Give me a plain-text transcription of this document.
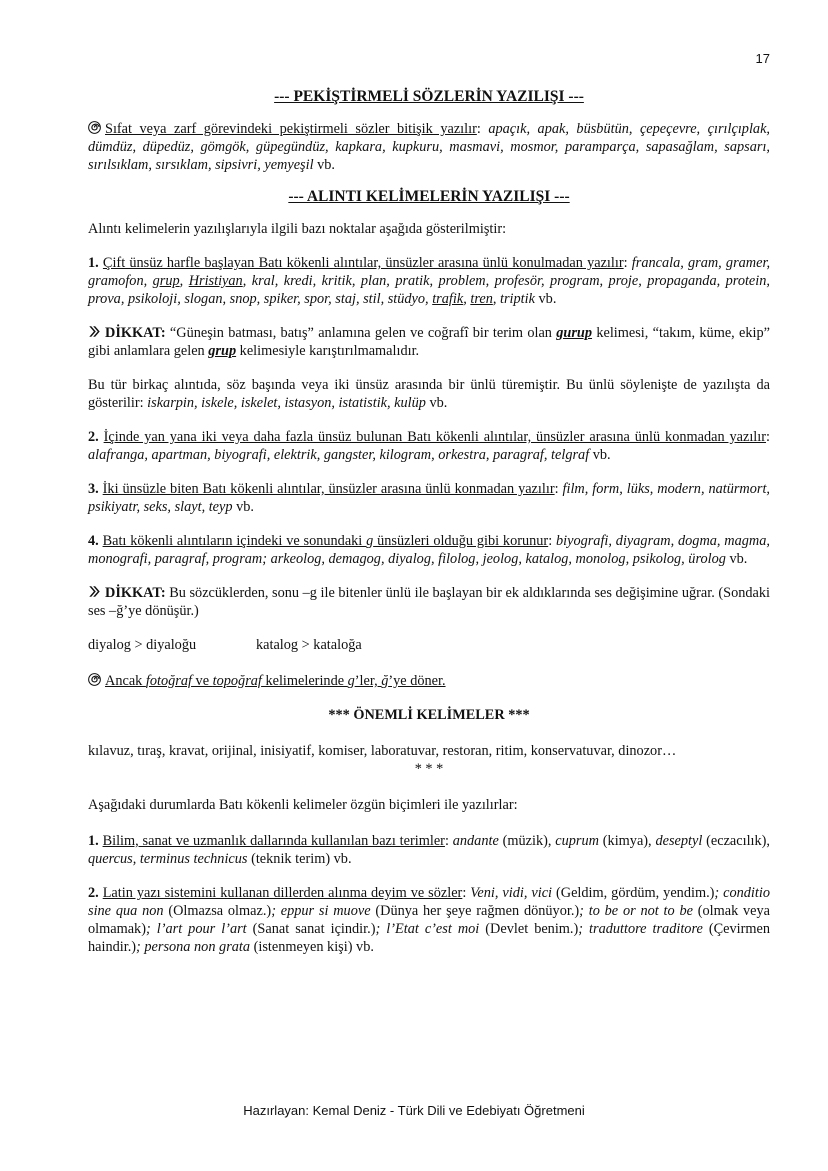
17
--- PEKİŞTİRMELİ SÖZLERİN YAZILIŞI ---

Sıfat veya zarf görevindeki pekiştirmeli sözler bitişik yazılır: apaçık, apak, büsbütün, çepeçevre, çırılçıplak, dümdüz, düpedüz, gömgök, güpegündüz, kapkara, kupkuru, masmavi, mosmor, paramparça, sapasağlam, sapsarı, sırılsıklam, sırsıklam, sipsivri, yemyeşil vb.

--- ALINTI KELİMELERİN YAZILIŞI ---

Alıntı kelimelerin yazılışlarıyla ilgili bazı noktalar aşağıda gösterilmiştir:

1. Çift ünsüz harfle başlayan Batı kökenli alıntılar, ünsüzler arasına ünlü konulmadan yazılır: francala, gram, gramer, gramofon, grup, Hristiyan, kral, kredi, kritik, plan, pratik, problem, profesör, program, proje, propaganda, protein, prova, psikoloji, slogan, snop, spiker, spor, staj, stil, stüdyo, trafik, tren, triptik vb.

DİKKAT: “Güneşin batması, batış” anlamına gelen ve coğrafî bir terim olan gurup kelimesi, “takım, küme, ekip” gibi anlamlara gelen grup kelimesiyle karıştırılmamalıdır.

Bu tür birkaç alıntıda, söz başında veya iki ünsüz arasında bir ünlü türemiştir. Bu ünlü söylenişte de yazılışta da gösterilir: iskarpin, iskele, iskelet, istasyon, istatistik, kulüp vb.

2. İçinde yan yana iki veya daha fazla ünsüz bulunan Batı kökenli alıntılar, ünsüzler arasına ünlü konmadan yazılır: alafranga, apartman, biyografi, elektrik, gangster, kilogram, orkestra, paragraf, telgraf vb.

3. İki ünsüzle biten Batı kökenli alıntılar, ünsüzler arasına ünlü konmadan yazılır: film, form, lüks, modern, natürmort, psikiyatr, seks, slayt, teyp vb.

4. Batı kökenli alıntıların içindeki ve sonundaki g ünsüzleri olduğu gibi korunur: biyografi, diyagram, dogma, magma, monografi, paragraf, program; arkeolog, demagog, diyalog, filolog, jeolog, katalog, monolog, psikolog, ürolog vb.

DİKKAT: Bu sözcüklerden, sonu –g ile bitenler ünlü ile başlayan bir ek aldıklarında ses değişimine uğrar. (Sondaki ses –ğ’ye dönüşür.)

diyalog > diyaloğu	katalog > kataloğa

Ancak fotoğraf ve topoğraf kelimelerinde g’ler, ğ’ye döner.

*** ÖNEMLİ KELİMELER ***

kılavuz, tıraş, kravat, orijinal, inisiyatif, komiser, laboratuvar, restoran, ritim, konservatuvar, dinozor…

* * *

Aşağıdaki durumlarda Batı kökenli kelimeler özgün biçimleri ile yazılırlar:

1. Bilim, sanat ve uzmanlık dallarında kullanılan bazı terimler: andante (müzik), cuprum (kimya), deseptyl (eczacılık), quercus, terminus technicus (teknik terim) vb.

2. Latin yazı sistemini kullanan dillerden alınma deyim ve sözler: Veni, vidi, vici (Geldim, gördüm, yendim.); conditio sine qua non (Olmazsa olmaz.); eppur si muove (Dünya her şeye rağmen dönüyor.); to be or not to be (olmak veya olmamak); l’art pour l’art (Sanat sanat içindir.); l’Etat c’est moi (Devlet benim.); traduttore traditore (Çevirmen haindir.); persona non grata (istenmeyen kişi) vb.

Hazırlayan: Kemal Deniz - Türk Dili ve Edebiyatı Öğretmeni
